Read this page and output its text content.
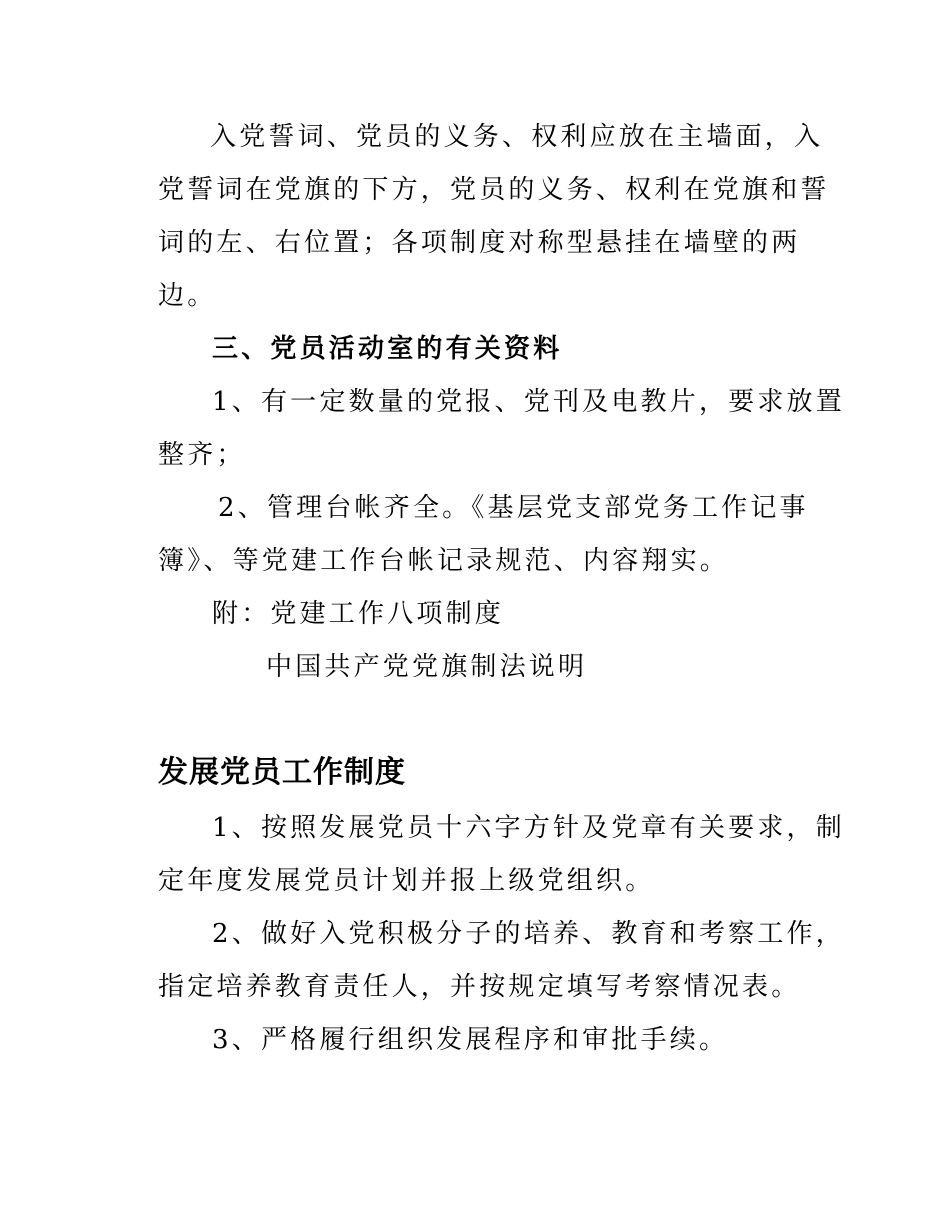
入党誓词、党员的义务、权利应放在主墙面，入
党誓词在党旗的下方，党员的义务、权利在党旗和誓
词的左、右位置；各项制度对称型悬挂在墙壁的两
边。
三、党员活动室的有关资料
1、有一定数量的党报、党刊及电教片，要求放置
整齐；
2、管理台帐齐全。《基层党支部党务工作记事
簿》、等党建工作台帐记录规范、内容翔实。
附：党建工作八项制度
中国共产党党旗制法说明
发展党员工作制度
1、按照发展党员十六字方针及党章有关要求，制
定年度发展党员计划并报上级党组织。
2、做好入党积极分子的培养、教育和考察工作，
指定培养教育责任人，并按规定填写考察情况表。
3、严格履行组织发展程序和审批手续。
